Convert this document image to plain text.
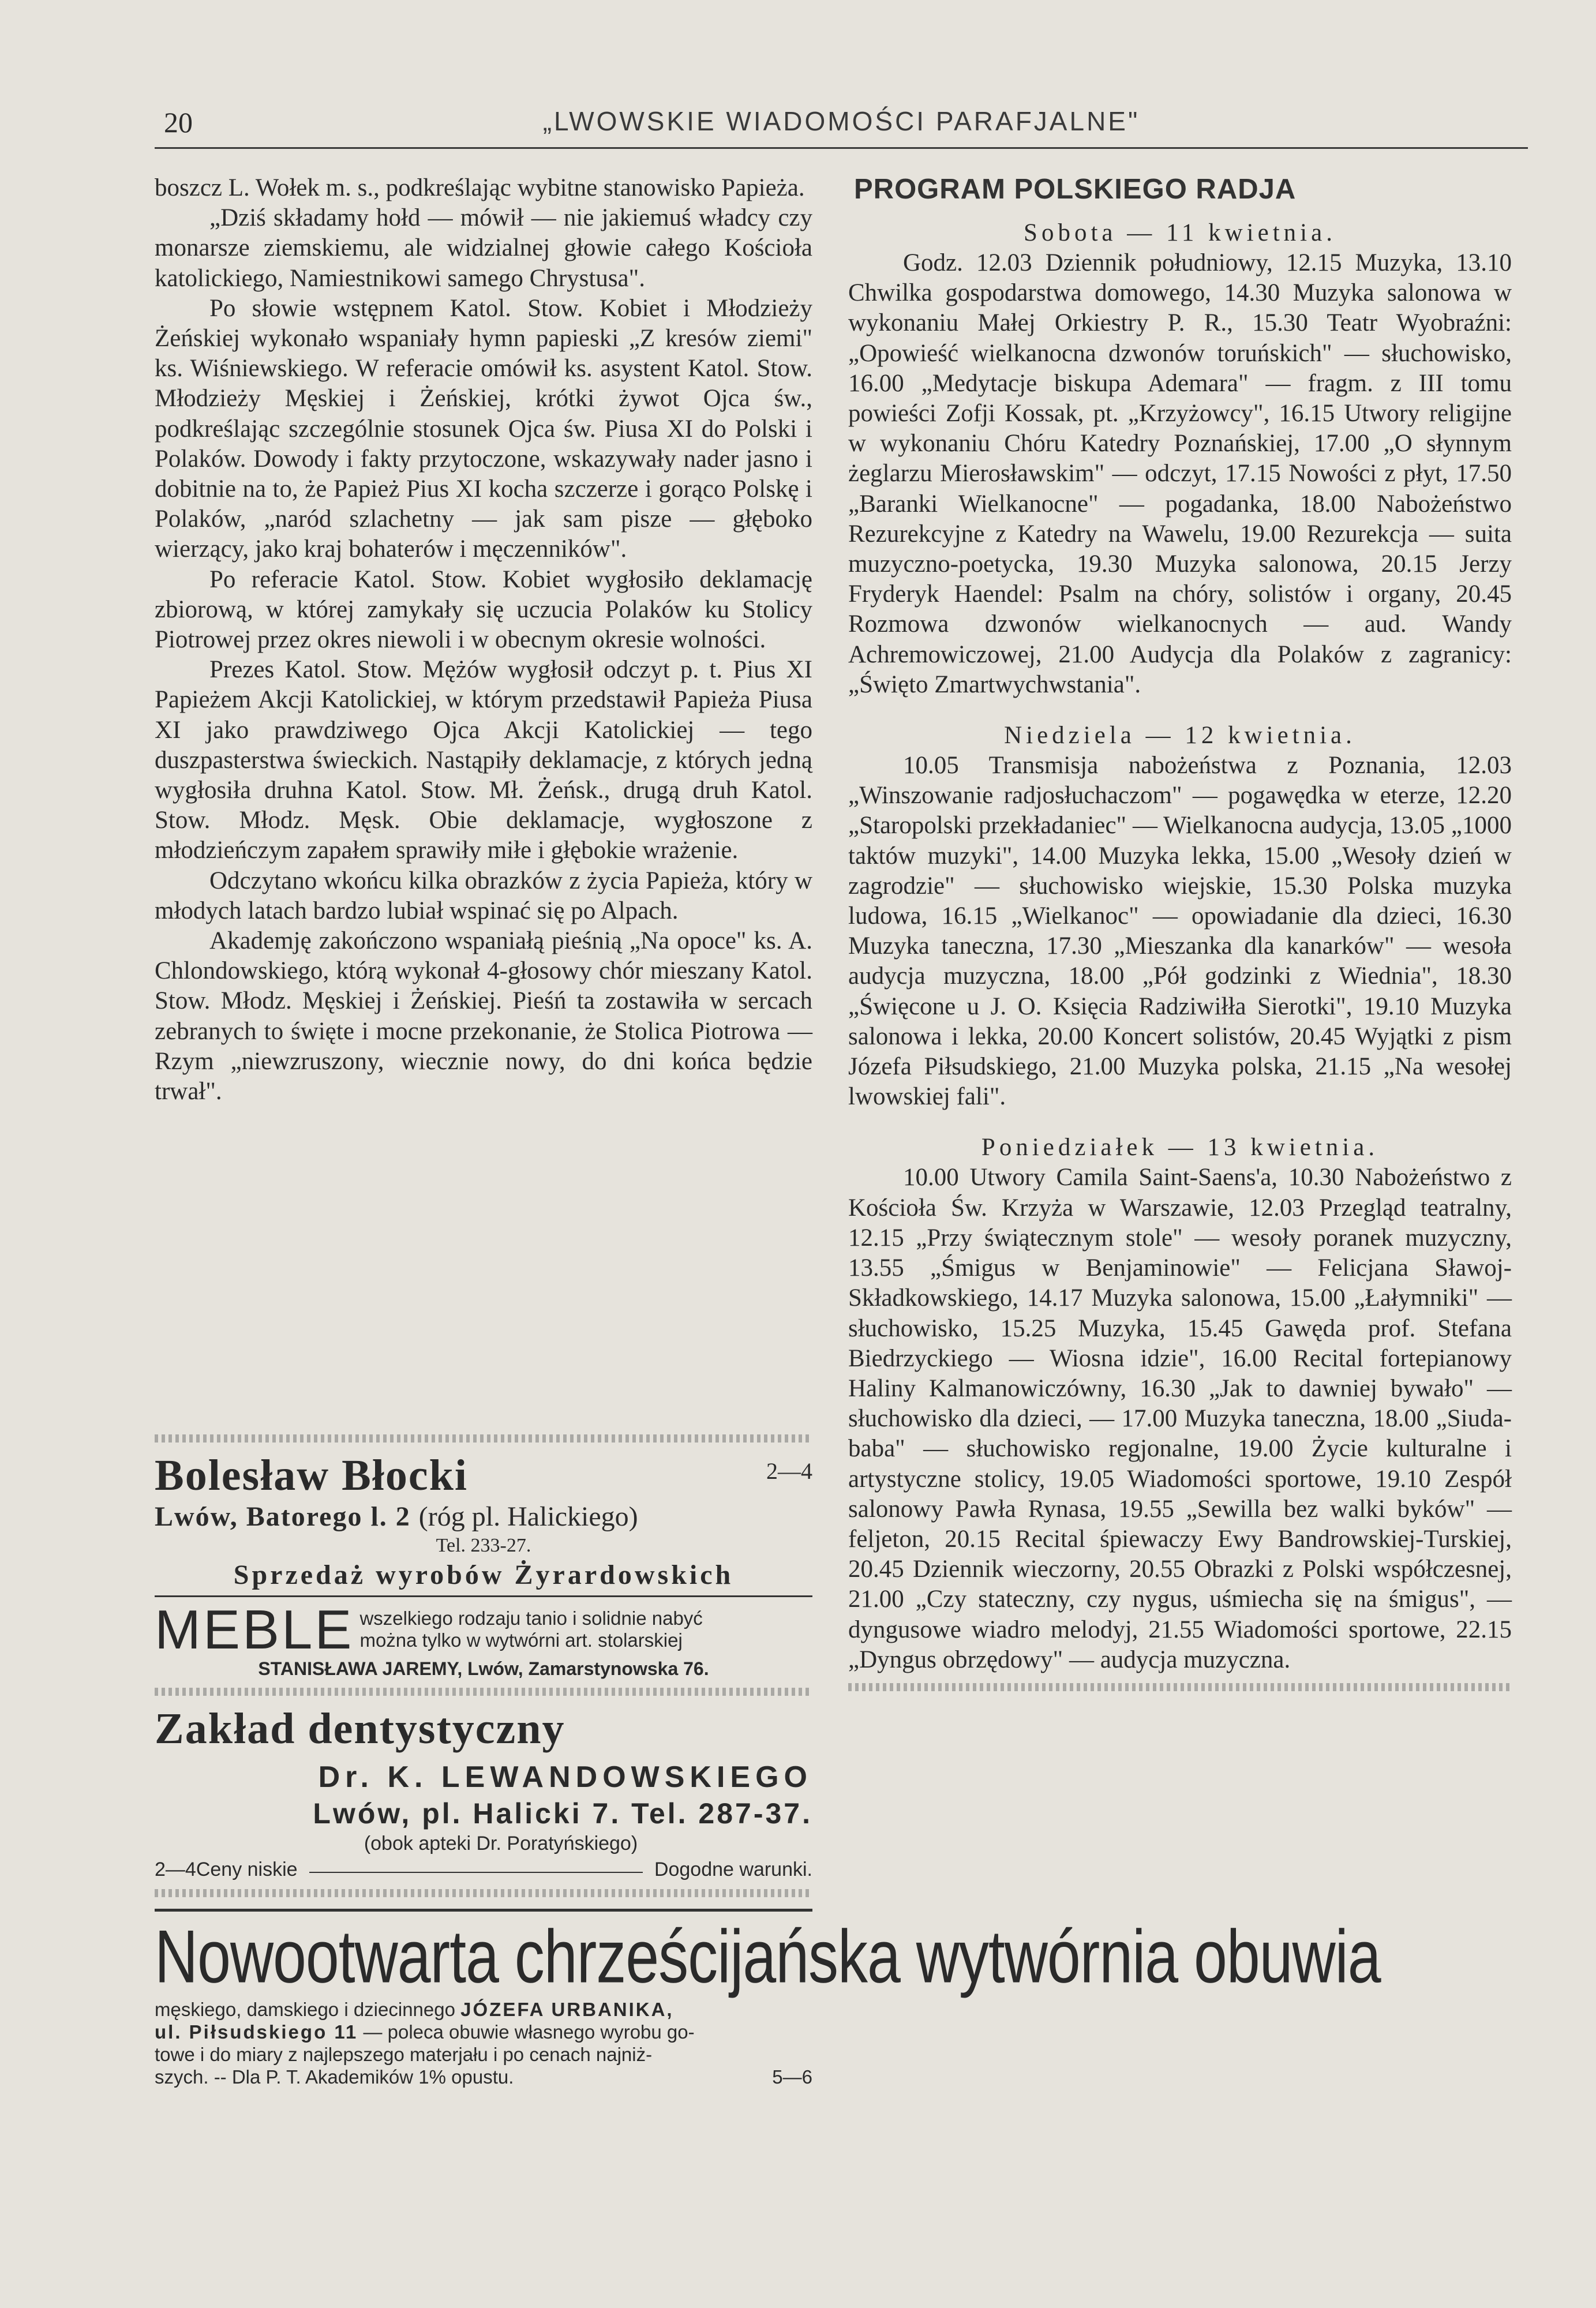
20	„LWOWSKIE WIADOMOŚCI PARAFJALNE"

boszcz L. Wołek m. s., podkreślając wybitne stanowisko Papieża.

„Dziś składamy hołd — mówił — nie jakiemuś władcy czy monarsze ziemskiemu, ale widzialnej głowie całego Kościoła katolickiego, Namiestnikowi samego Chrystusa".

Po słowie wstępnem Katol. Stow. Kobiet i Młodzieży Żeńskiej wykonało wspaniały hymn papieski „Z kresów ziemi" ks. Wiśniewskiego. W referacie omówił ks. asystent Katol. Stow. Młodzieży Męskiej i Żeńskiej, krótki żywot Ojca św., podkreślając szczególnie stosunek Ojca św. Piusa XI do Polski i Polaków. Dowody i fakty przytoczone, wskazywały nader jasno i dobitnie na to, że Papież Pius XI kocha szczerze i gorąco Polskę i Polaków, „naród szlachetny — jak sam pisze — głęboko wierzący, jako kraj bohaterów i męczenników".

Po referacie Katol. Stow. Kobiet wygłosiło deklamację zbiorową, w której zamykały się uczucia Polaków ku Stolicy Piotrowej przez okres niewoli i w obecnym okresie wolności.

Prezes Katol. Stow. Mężów wygłosił odczyt p. t. Pius XI Papieżem Akcji Katolickiej, w którym przedstawił Papieża Piusa XI jako prawdziwego Ojca Akcji Katolickiej — tego duszpasterstwa świeckich. Nastąpiły deklamacje, z których jedną wygłosiła druhna Katol. Stow. Mł. Żeńsk., drugą druh Katol. Stow. Młodz. Męsk. Obie deklamacje, wygłoszone z młodzieńczym zapałem sprawiły miłe i głębokie wrażenie.

Odczytano wkońcu kilka obrazków z życia Papieża, który w młodych latach bardzo lubiał wspinać się po Alpach.

Akademję zakończono wspaniałą pieśnią „Na opoce" ks. A. Chlondowskiego, którą wykonał 4-głosowy chór mieszany Katol. Stow. Młodz. Męskiej i Żeńskiej. Pieśń ta zostawiła w sercach zebranych to święte i mocne przekonanie, że Stolica Piotrowa — Rzym „niewzruszony, wiecznie nowy, do dni końca będzie trwał".

Bolesław Błocki	2—4
Lwów, Batorego l. 2 (róg pl. Halickiego)
Tel. 233-27.
Sprzedaż wyrobów Żyrardowskich
MEBLE wszelkiego rodzaju tanio i solidnie nabyć
można tylko w wytwórni art. stolarskiej
STANISŁAWA JAREMY, Lwów, Zamarstynowska 76.
Zakład dentystyczny
Dr. K. LEWANDOWSKIEGO
Lwów, pl. Halicki 7. Tel. 287-37.
(obok apteki Dr. Poratyńskiego)
2—4 Ceny niskie	Dogodne warunki.
Nowootwarta chrześcijańska wytwórnia obuwia
męskiego, damskiego i dziecinnego JÓZEFA URBANIKA,
ul. Piłsudskiego 11 — poleca obuwie własnego wyrobu go-
towe i do miary z najlepszego materjału i po cenach najniż-
szych. -- Dla P. T. Akademików 1% opustu.	5—6
PROGRAM POLSKIEGO RADJA

Sobota — 11 kwietnia.

Godz. 12.03 Dziennik południowy, 12.15 Muzyka, 13.10 Chwilka gospodarstwa domowego, 14.30 Muzyka salonowa w wykonaniu Małej Orkiestry P. R., 15.30 Teatr Wyobraźni: „Opowieść wielkanocna dzwonów toruńskich" — słuchowisko, 16.00 „Medytacje biskupa Ademara" — fragm. z III tomu powieści Zofji Kossak, pt. „Krzyżowcy", 16.15 Utwory religijne w wykonaniu Chóru Katedry Poznańskiej, 17.00 „O słynnym żeglarzu Mierosławskim" — odczyt, 17.15 Nowości z płyt, 17.50 „Baranki Wielkanocne" — pogadanka, 18.00 Nabożeństwo Rezurekcyjne z Katedry na Wawelu, 19.00 Rezurekcja — suita muzyczno-poetycka, 19.30 Muzyka salonowa, 20.15 Jerzy Fryderyk Haendel: Psalm na chóry, solistów i organy, 20.45 Rozmowa dzwonów wielkanocnych — aud. Wandy Achremowiczowej, 21.00 Audycja dla Polaków z zagranicy: „Święto Zmartwychwstania".

Niedziela — 12 kwietnia.

10.05 Transmisja nabożeństwa z Poznania, 12.03 „Winszowanie radjosłuchaczom" — pogawędka w eterze, 12.20 „Staropolski przekładaniec" — Wielkanocna audycja, 13.05 „1000 taktów muzyki", 14.00 Muzyka lekka, 15.00 „Wesoły dzień w zagrodzie" — słuchowisko wiejskie, 15.30 Polska muzyka ludowa, 16.15 „Wielkanoc" — opowiadanie dla dzieci, 16.30 Muzyka taneczna, 17.30 „Mieszanka dla kanarków" — wesoła audycja muzyczna, 18.00 „Pół godzinki z Wiednia", 18.30 „Święcone u J. O. Księcia Radziwiłła Sierotki", 19.10 Muzyka salonowa i lekka, 20.00 Koncert solistów, 20.45 Wyjątki z pism Józefa Piłsudskiego, 21.00 Muzyka polska, 21.15 „Na wesołej lwowskiej fali".

Poniedziałek — 13 kwietnia.

10.00 Utwory Camila Saint-Saens'a, 10.30 Nabożeństwo z Kościoła Św. Krzyża w Warszawie, 12.03 Przegląd teatralny, 12.15 „Przy świątecznym stole" — wesoły poranek muzyczny, 13.55 „Śmigus w Benjaminowie" — Felicjana Sławoj-Składkowskiego, 14.17 Muzyka salonowa, 15.00 „Łałymniki" — słuchowisko, 15.25 Muzyka, 15.45 Gawęda prof. Stefana Biedrzyckiego — Wiosna idzie", 16.00 Recital fortepianowy Haliny Kalmanowiczówny, 16.30 „Jak to dawniej bywało" — słuchowisko dla dzieci, — 17.00 Muzyka taneczna, 18.00 „Siuda-baba" — słuchowisko regjonalne, 19.00 Życie kulturalne i artystyczne stolicy, 19.05 Wiadomości sportowe, 19.10 Zespół salonowy Pawła Rynasa, 19.55 „Sewilla bez walki byków" — feljeton, 20.15 Recital śpiewaczy Ewy Bandrowskiej-Turskiej, 20.45 Dziennik wieczorny, 20.55 Obrazki z Polski współczesnej, 21.00 „Czy stateczny, czy nygus, uśmiecha się na śmigus", — dyngusowe wiadro melodyj, 21.55 Wiadomości sportowe, 22.15 „Dyngus obrzędowy" — audycja muzyczna.
